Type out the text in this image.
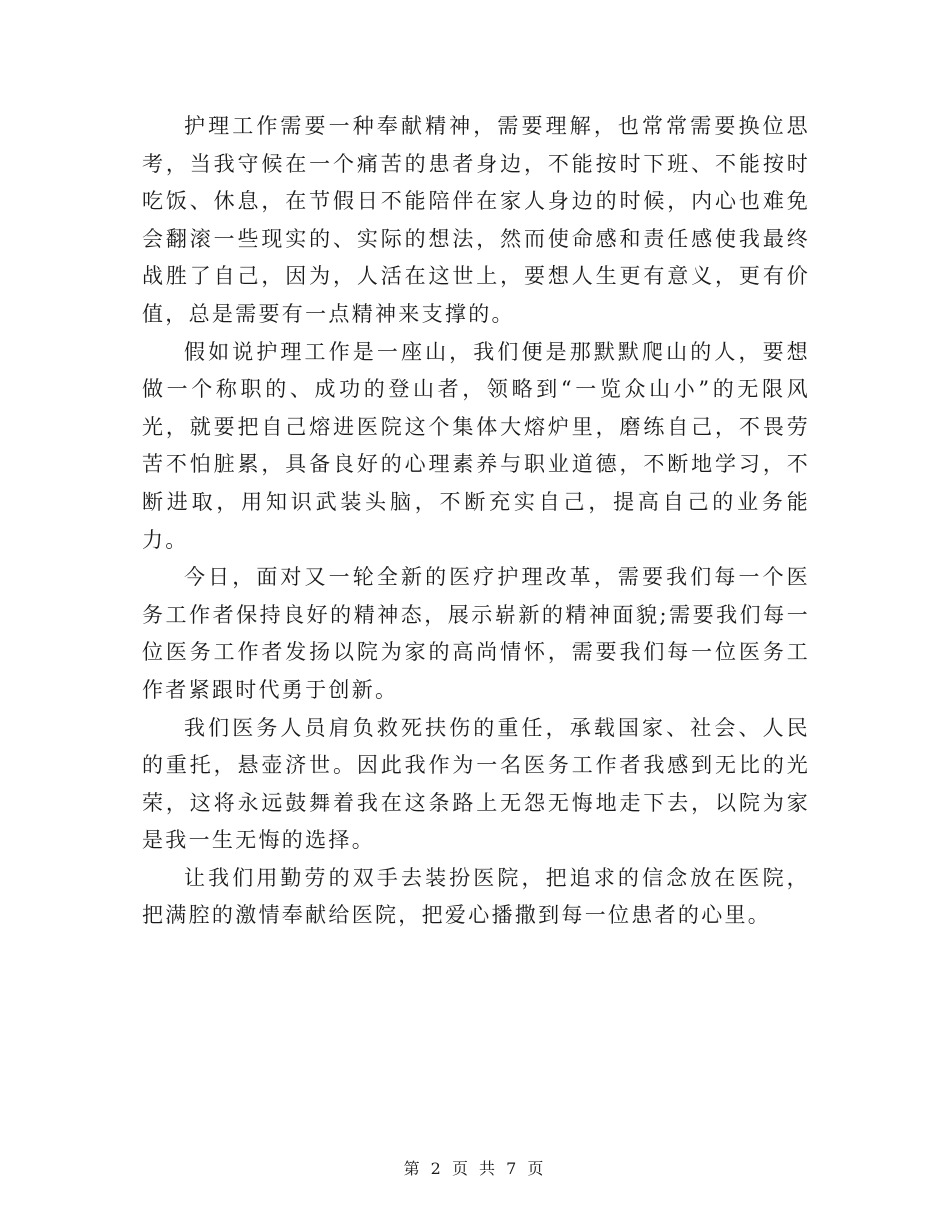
护理工作需要一种奉献精神，需要理解，也常常需要换位思考，当我守候在一个痛苦的患者身边，不能按时下班、不能按时吃饭、休息，在节假日不能陪伴在家人身边的时候，内心也难免会翻滚一些现实的、实际的想法，然而使命感和责任感使我最终战胜了自己，因为，人活在这世上，要想人生更有意义，更有价值，总是需要有一点精神来支撑的。

假如说护理工作是一座山，我们便是那默默爬山的人，要想做一个称职的、成功的登山者，领略到“一览众山小”的无限风光，就要把自己熔进医院这个集体大熔炉里，磨练自己，不畏劳苦不怕脏累，具备良好的心理素养与职业道德，不断地学习，不断进取，用知识武装头脑，不断充实自己，提高自己的业务能力。

今日，面对又一轮全新的医疗护理改革，需要我们每一个医务工作者保持良好的精神态，展示崭新的精神面貌;需要我们每一位医务工作者发扬以院为家的高尚情怀，需要我们每一位医务工作者紧跟时代勇于创新。

我们医务人员肩负救死扶伤的重任，承载国家、社会、人民的重托，悬壶济世。因此我作为一名医务工作者我感到无比的光荣，这将永远鼓舞着我在这条路上无怨无悔地走下去，以院为家是我一生无悔的选择。

让我们用勤劳的双手去装扮医院，把追求的信念放在医院，把满腔的激情奉献给医院，把爱心播撒到每一位患者的心里。

第 2 页 共 7 页
